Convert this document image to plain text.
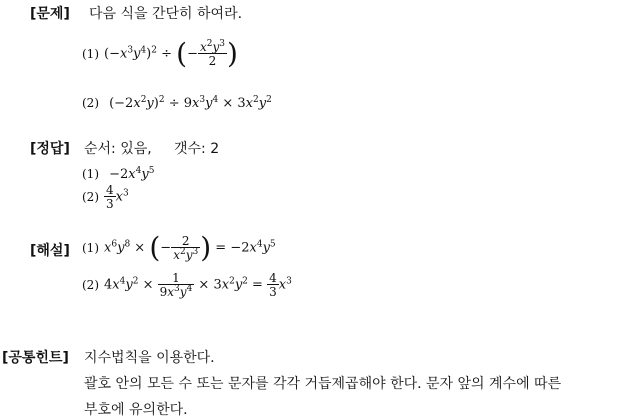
[문제] 다음 식을 간단히 하여라.
(1) $(-x^3y^4)^2$ ÷ (− $\frac{x^2y^3}{2}$ )
(2) $(-2x^2y)^2 \div 9x^3y^4 \times 3x^2y^2$
[정답] 순서: 있음, 갯수: 2
$(1) -2x^4y^5$
$(2) \frac{4}{3} x^3$
[해설] (1) $x^6y^8$ × (− $\frac{2}{x^2y^3}$ ) = $-2x^4y^5$
(2) $4x^4y^2 \times \frac{1}{9x^3y^4} \times 3x^2y^2 = \frac{4}{3} x^3$
[공통힌트] 지수법칙을 이용한다.
괄호 안의 모든 수 또는 문자를 각각 거듭제곱해야 한다. 문자 앞의 계수에 따른
부호에 유의한다.
